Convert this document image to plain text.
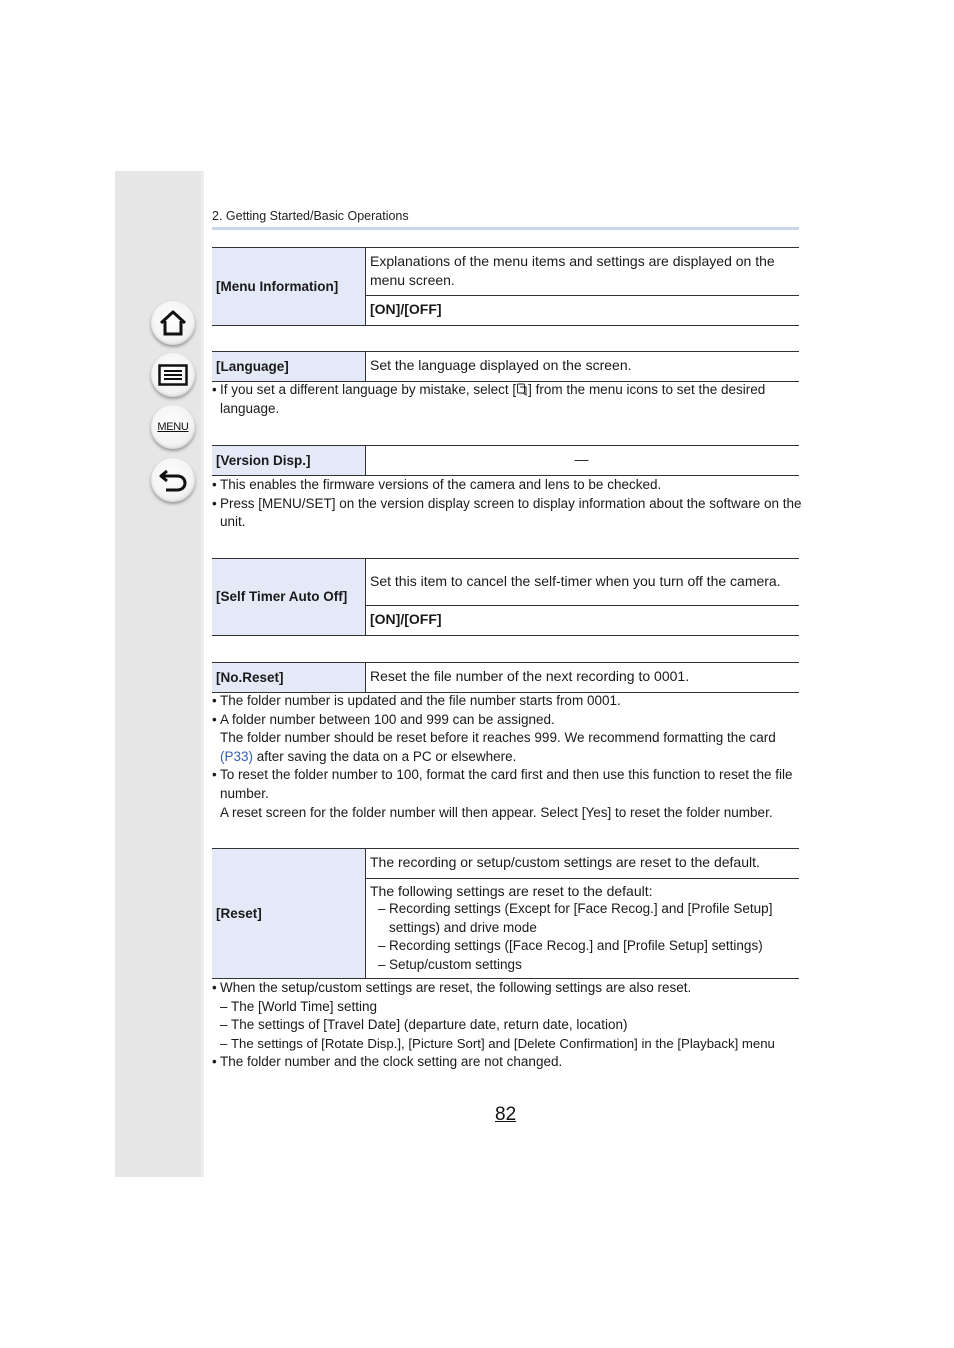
MENU
2. Getting Started/Basic Operations
[Menu Information]	Explanations of the menu items and settings are displayed on the menu screen.
[ON]/[OFF]
[Language]	Set the language displayed on the screen.
• If you set a different language by mistake, select [ ] from the menu icons to set the desired language.
[Version Disp.]	—
• This enables the firmware versions of the camera and lens to be checked.
• Press [MENU/SET] on the version display screen to display information about the software on the unit.
[Self Timer Auto Off]	Set this item to cancel the self-timer when you turn off the camera.
[ON]/[OFF]
[No.Reset]	Reset the file number of the next recording to 0001.
• The folder number is updated and the file number starts from 0001.
• A folder number between 100 and 999 can be assigned.
The folder number should be reset before it reaches 999. We recommend formatting the card (P33) after saving the data on a PC or elsewhere.
• To reset the folder number to 100, format the card first and then use this function to reset the file number.
A reset screen for the folder number will then appear. Select [Yes] to reset the folder number.
[Reset]	The recording or setup/custom settings are reset to the default.

The following settings are reset to the default:
– Recording settings (Except for [Face Recog.] and [Profile Setup]
settings) and drive mode
– Recording settings ([Face Recog.] and [Profile Setup] settings)
– Setup/custom settings
• When the setup/custom settings are reset, the following settings are also reset.
– The [World Time] setting
– The settings of [Travel Date] (departure date, return date, location)
– The settings of [Rotate Disp.], [Picture Sort] and [Delete Confirmation] in the [Playback] menu
• The folder number and the clock setting are not changed.
82
